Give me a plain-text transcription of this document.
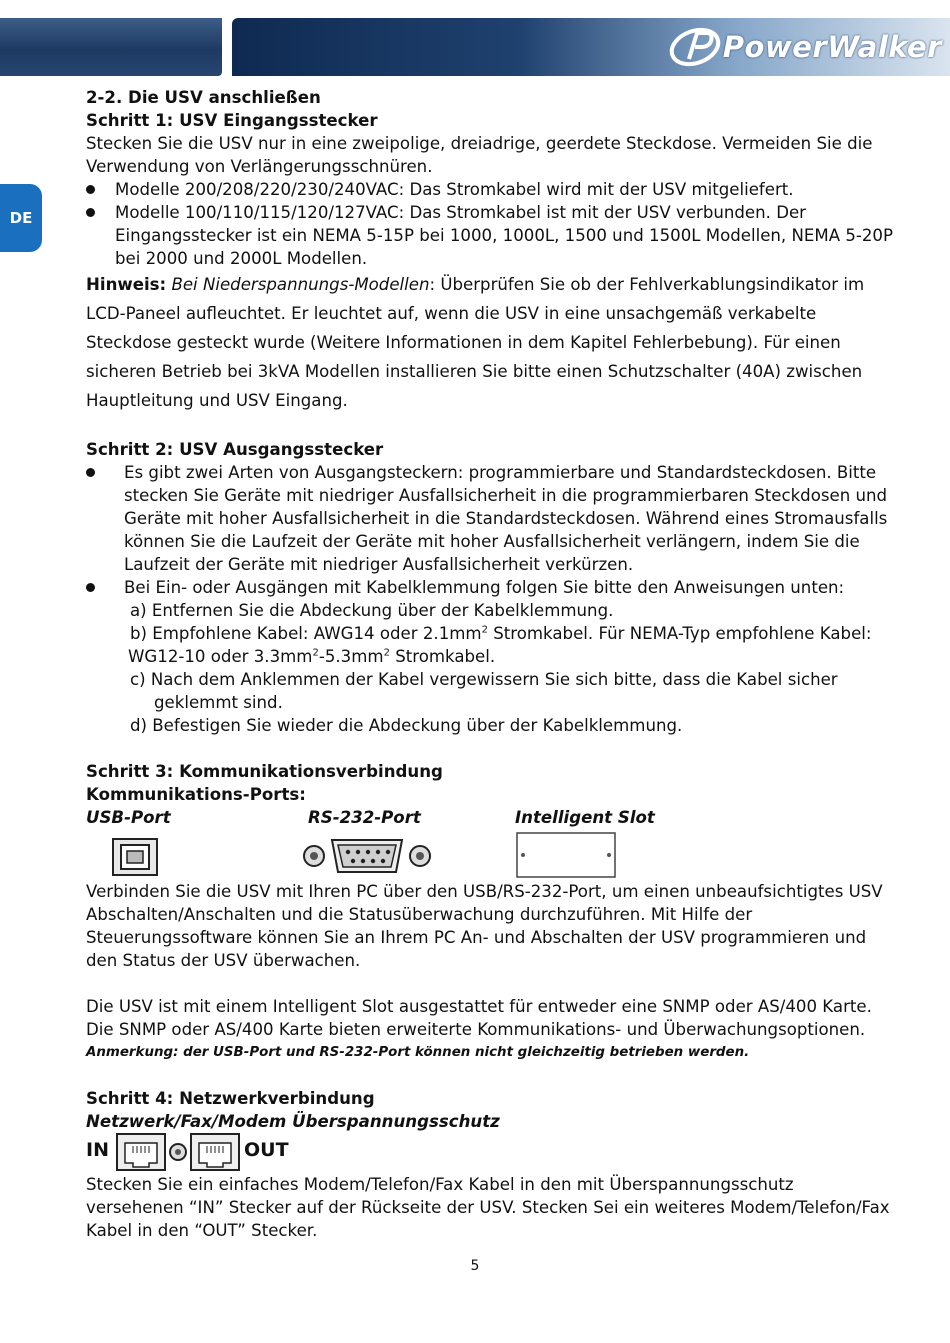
PowerWalker
DE

2-2. Die USV anschließen

Schritt 1: USV Eingangsstecker

Stecken Sie die USV nur in eine zweipolige, dreiadrige, geerdete Steckdose. Vermeiden Sie die Verwendung von Verlängerungsschnüren.

Modelle 200/208/220/230/240VAC: Das Stromkabel wird mit der USV mitgeliefert.

Modelle 100/110/115/120/127VAC: Das Stromkabel ist mit der USV verbunden. Der Eingangsstecker ist ein NEMA 5-15P bei 1000, 1000L, 1500 und 1500L Modellen, NEMA 5-20P bei 2000 und 2000L Modellen.

Hinweis: Bei Niederspannungs-Modellen: Überprüfen Sie ob der Fehlverkablungsindikator im LCD-Paneel aufleuchtet. Er leuchtet auf, wenn die USV in eine unsachgemäß verkabelte Steckdose gesteckt wurde (Weitere Informationen in dem Kapitel Fehlerbebung). Für einen sicheren Betrieb bei 3kVA Modellen installieren Sie bitte einen Schutzschalter (40A) zwischen Hauptleitung und USV Eingang.

Schritt 2: USV Ausgangsstecker

Es gibt zwei Arten von Ausgangsteckern: programmierbare und Standardsteckdosen. Bitte stecken Sie Geräte mit niedriger Ausfallsicherheit in die programmierbaren Steckdosen und Geräte mit hoher Ausfallsicherheit in die Standardsteckdosen. Während eines Stromausfalls können Sie die Laufzeit der Geräte mit hoher Ausfallsicherheit verlängern, indem Sie die Laufzeit der Geräte mit niedriger Ausfallsicherheit verkürzen.

Bei Ein- oder Ausgängen mit Kabelklemmung folgen Sie bitte den Anweisungen unten:

a) Entfernen Sie die Abdeckung über der Kabelklemmung.

b) Empfohlene Kabel: AWG14 oder $2.1mm^2$ Stromkabel. Für NEMA-Typ empfohlene Kabel:
WG12-10 oder $3.3mm^2-5.3mm^2$ Stromkabel.

c) Nach dem Anklemmen der Kabel vergewissern Sie sich bitte, dass die Kabel sicher
geklemmt sind.

d) Befestigen Sie wieder die Abdeckung über der Kabelklemmung.

Schritt 3: Kommunikationsverbindung

Kommunikations-Ports:

USB-Port	RS-232-Port	Intelligent Slot

Verbinden Sie die USV mit Ihren PC über den USB/RS-232-Port, um einen unbeaufsichtigtes USV Abschalten/Anschalten und die Statusüberwachung durchzuführen. Mit Hilfe der Steuerungssoftware können Sie an Ihrem PC An- und Abschalten der USV programmieren und den Status der USV überwachen.

Die USV ist mit einem Intelligent Slot ausgestattet für entweder eine SNMP oder AS/400 Karte. Die SNMP oder AS/400 Karte bieten erweiterte Kommunikations- und Überwachungsoptionen.

Anmerkung: der USB-Port und RS-232-Port können nicht gleichzeitig betrieben werden.

Schritt 4: Netzwerkverbindung

Netzwerk/Fax/Modem Überspannungsschutz

IN	OUT

Stecken Sie ein einfaches Modem/Telefon/Fax Kabel in den mit Überspannungsschutz versehenen “IN” Stecker auf der Rückseite der USV. Stecken Sei ein weiteres Modem/Telefon/Fax Kabel in den “OUT” Stecker.

5
